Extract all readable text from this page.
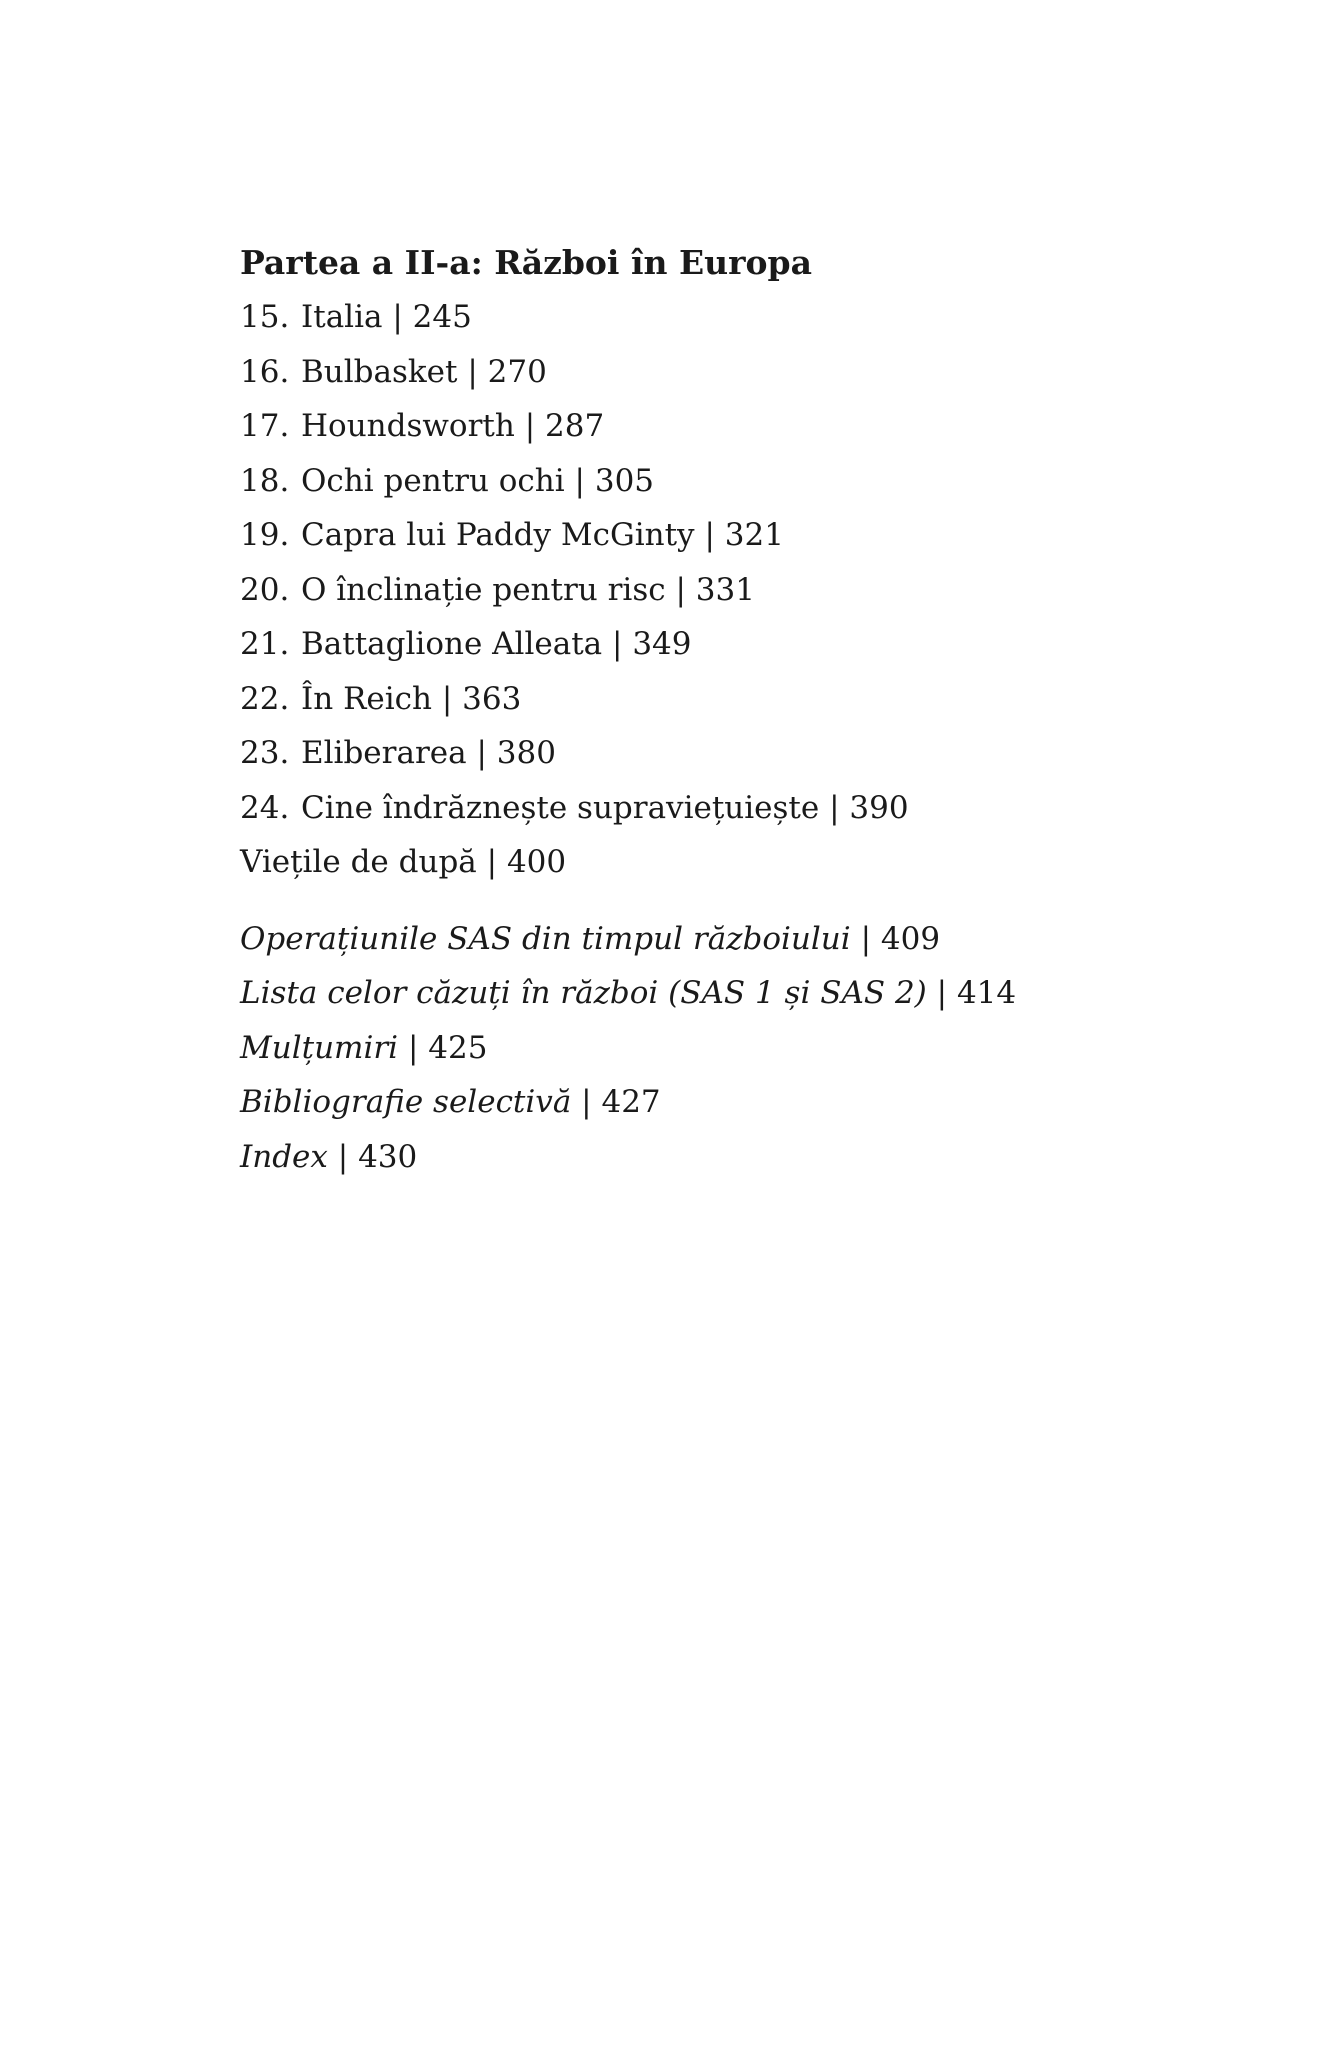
Partea a II-a: Război în Europa
15. Italia | 245
16. Bulbasket | 270
17. Houndsworth | 287
18. Ochi pentru ochi | 305
19. Capra lui Paddy McGinty | 321
20. O înclinație pentru risc | 331
21. Battaglione Alleata | 349
22. În Reich | 363
23. Eliberarea | 380
24. Cine îndrăznește supraviețuiește | 390
Viețile de după | 400
Operațiunile SAS din timpul războiului | 409
Lista celor căzuți în război (SAS 1 și SAS 2) | 414
Mulțumiri | 425
Bibliografie selectivă | 427
Index | 430
